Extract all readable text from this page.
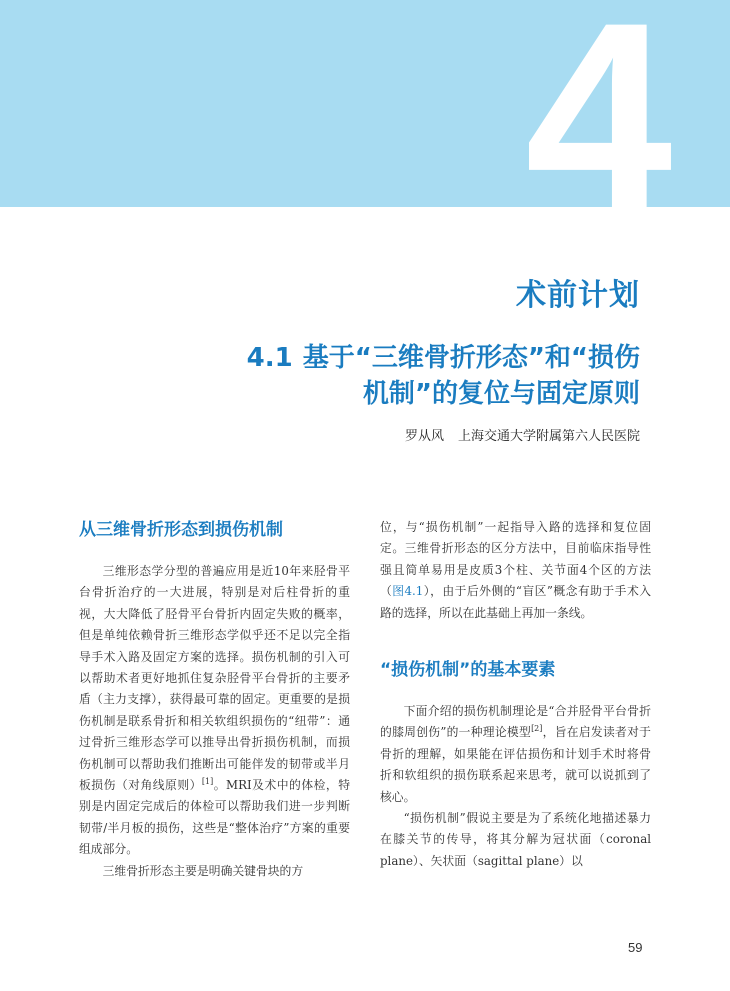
4
术前计划
4.1 基于“三维骨折形态”和“损伤
机制”的复位与固定原则
罗从风 上海交通大学附属第六人民医院
从三维骨折形态到损伤机制

三维形态学分型的普遍应用是近10年来胫骨平台骨折治疗的一大进展，特别是对后柱骨折的重视，大大降低了胫骨平台骨折内固定失败的概率，但是单纯依赖骨折三维形态学似乎还不足以完全指导手术入路及固定方案的选择。损伤机制的引入可以帮助术者更好地抓住复杂胫骨平台骨折的主要矛盾（主力支撑），获得最可靠的固定。更重要的是损伤机制是联系骨折和相关软组织损伤的“纽带”：通过骨折三维形态学可以推导出骨折损伤机制，而损伤机制可以帮助我们推断出可能伴发的韧带或半月板损伤（对角线原则）[1]。MRI及术中的体检，特别是内固定完成后的体检可以帮助我们进一步判断韧带/半月板的损伤，这些是“整体治疗”方案的重要组成部分。

三维骨折形态主要是明确关键骨块的方

位，与“损伤机制”一起指导入路的选择和复位固定。三维骨折形态的区分方法中，目前临床指导性强且简单易用是皮质3个柱、关节面4个区的方法（图4.1），由于后外侧的“盲区”概念有助于手术入路的选择，所以在此基础上再加一条线。

“损伤机制”的基本要素

下面介绍的损伤机制理论是“合并胫骨平台骨折的膝周创伤”的一种理论模型[2]，旨在启发读者对于骨折的理解，如果能在评估损伤和计划手术时将骨折和软组织的损伤联系起来思考，就可以说抓到了核心。

“损伤机制”假说主要是为了系统化地描述暴力在膝关节的传导，将其分解为冠状面（coronal plane）、矢状面（sagittal plane）以

59
